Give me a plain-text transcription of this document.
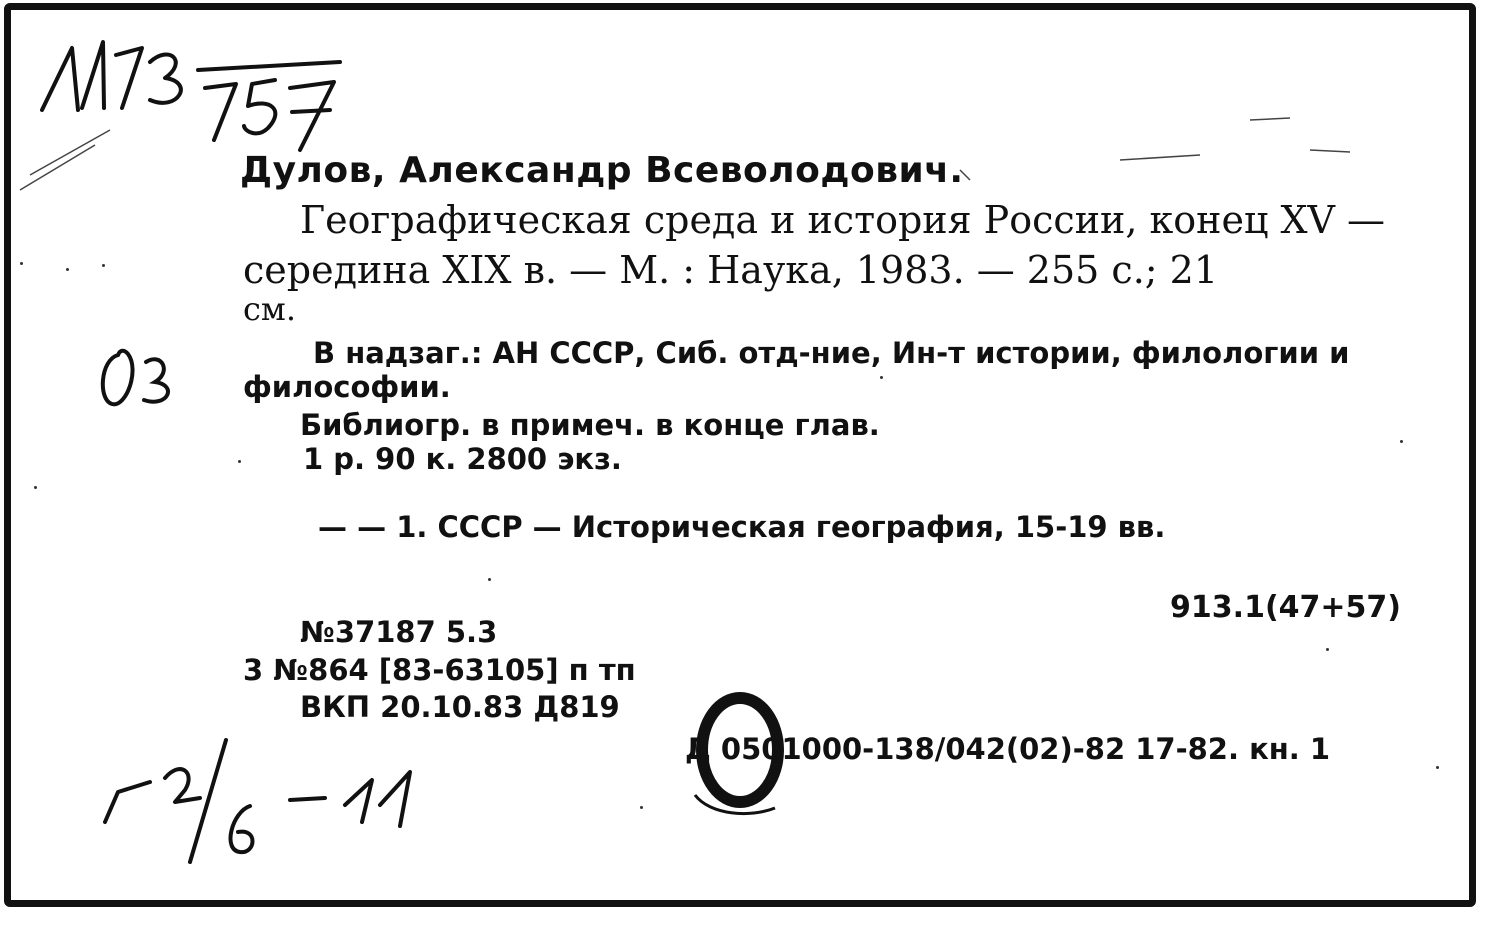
Дулов, Александр Всеволодович.

Географическая среда и история России, конец XV —

середина XIX в. — М. : Наука, 1983. — 255 с.; 21

см.

В надзаг.: АН СССР, Сиб. отд-ние, Ин-т истории, филологии и

философии.

Библиогр. в примеч. в конце глав.

1 р. 90 к. 2800 экз.

— — 1. СССР — Историческая география, 15-19 вв.

913.1(47+57)

№37187 5.3

3 №864 [83-63105] п тп

ВКП 20.10.83 Д819

Д 0501000-138/042(02)-82 17-82. кн. 1
